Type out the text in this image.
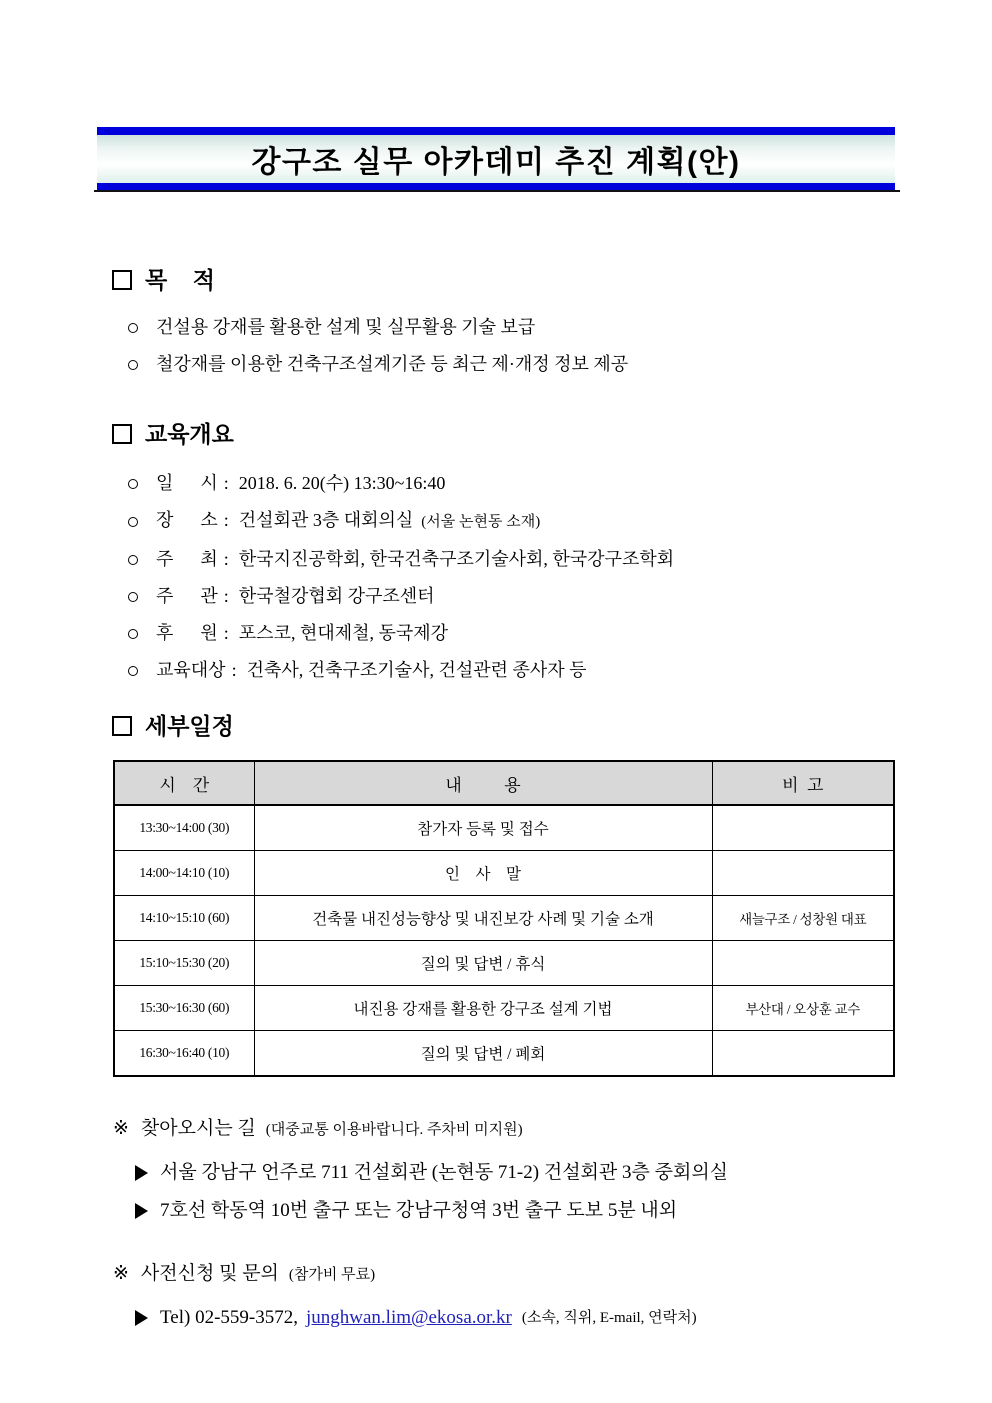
강구조 실무 아카데미 추진 계획(안)
목    적
건설용 강재를 활용한 설계 및 실무활용 기술 보급
철강재를 이용한 건축구조설계기준 등 최근 제·개정 정보 제공
교육개요
일      시 : 2018. 6. 20(수) 13:30~16:40
장      소 : 건설회관 3층 대회의실 (서울 논현동 소재)
주      최 : 한국지진공학회, 한국건축구조기술사회, 한국강구조학회
주      관 : 한국철강협회 강구조센터
후      원 : 포스코, 현대제철, 동국제강
교육대상 : 건축사, 건축구조기술사, 건설관련 종사자 등
세부일정
시    간	내          용	비  고
13:30~14:00 (30)	참가자 등록 및 접수	
14:00~14:10 (10)	인    사    말	
14:10~15:10 (60)	건축물 내진성능향상 및 내진보강 사례 및 기술 소개	새늘구조 / 성창원 대표
15:10~15:30 (20)	질의 및 답변 / 휴식	
15:30~16:30 (60)	내진용 강재를 활용한 강구조 설계 기법	부산대 / 오상훈 교수
16:30~16:40 (10)	질의 및 답변 / 폐회	
※ 찾아오시는 길 (대중교통 이용바랍니다. 주차비 미지원)
서울 강남구 언주로 711 건설회관 (논현동 71-2) 건설회관 3층 중회의실
7호선 학동역 10번 출구 또는 강남구청역 3번 출구 도보 5분 내외
※ 사전신청 및 문의 (참가비 무료)
Tel) 02-559-3572, junghwan.lim@ekosa.or.kr (소속, 직위, E-mail, 연락처)
